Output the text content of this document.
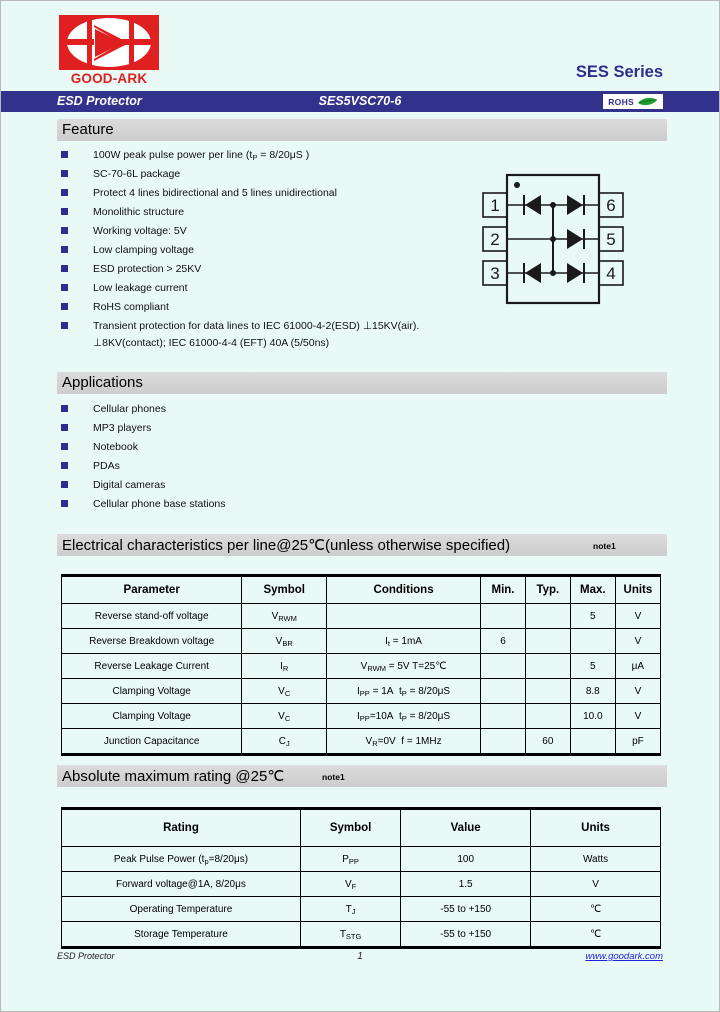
GOOD-ARK	SES Series
ESD Protector	SES5VSC70-6	ROHS
Feature
100W peak pulse power per line ($t_P = 8/20\mu S$ )
SC-70-6L package
Protect 4 lines bidirectional and 5 lines unidirectional
Monolithic structure
Working voltage: 5V
Low clamping voltage
ESD protection > 25KV
Low leakage current
RoHS compliant
Transient protection for data lines to IEC 61000-4-2(ESD) ⊥15KV(air).
⊥8KV(contact); IEC 61000-4-4 (EFT) 40A (5/50ns)
1
2
3
6
5
4
Applications
Cellular phones
MP3 players
Notebook
PDAs
Digital cameras
Cellular phone base stations
Electrical characteristics per line@25℃(unless otherwise specified)	note1
Parameter	Symbol	Conditions	Min.	Typ.	Max.	Units
Reverse stand-off voltage	$V_{RWM}$				5	V
Reverse Breakdown voltage	$V_{BR}$	$I_t = 1mA$	6			V
Reverse Leakage Current	$I_R$	$V_{RWM} = 5V$ T=25℃			5	μA
Clamping Voltage	$V_C$	$I_{PP} = 1A$ $t_P = 8/20\mu S$			8.8	V
Clamping Voltage	$V_C$	$I_{PP}=10A$ $t_P = 8/20\mu S$			10.0	V
Junction Capacitance	$C_J$	$V_R=0V$ f = 1MHz		60		pF
Absolute maximum rating @25℃	note1
Rating	Symbol	Value	Units
Peak Pulse Power $(t_p=8/20\mu s)$	$P_{PP}$	100	Watts
Forward voltage@1A, 8/20μs	$V_F$	1.5	V
Operating Temperature	$T_J$	-55 to +150	℃
Storage Temperature	$T_{STG}$	-55 to +150	℃
ESD Protector	1	www.goodark.com
